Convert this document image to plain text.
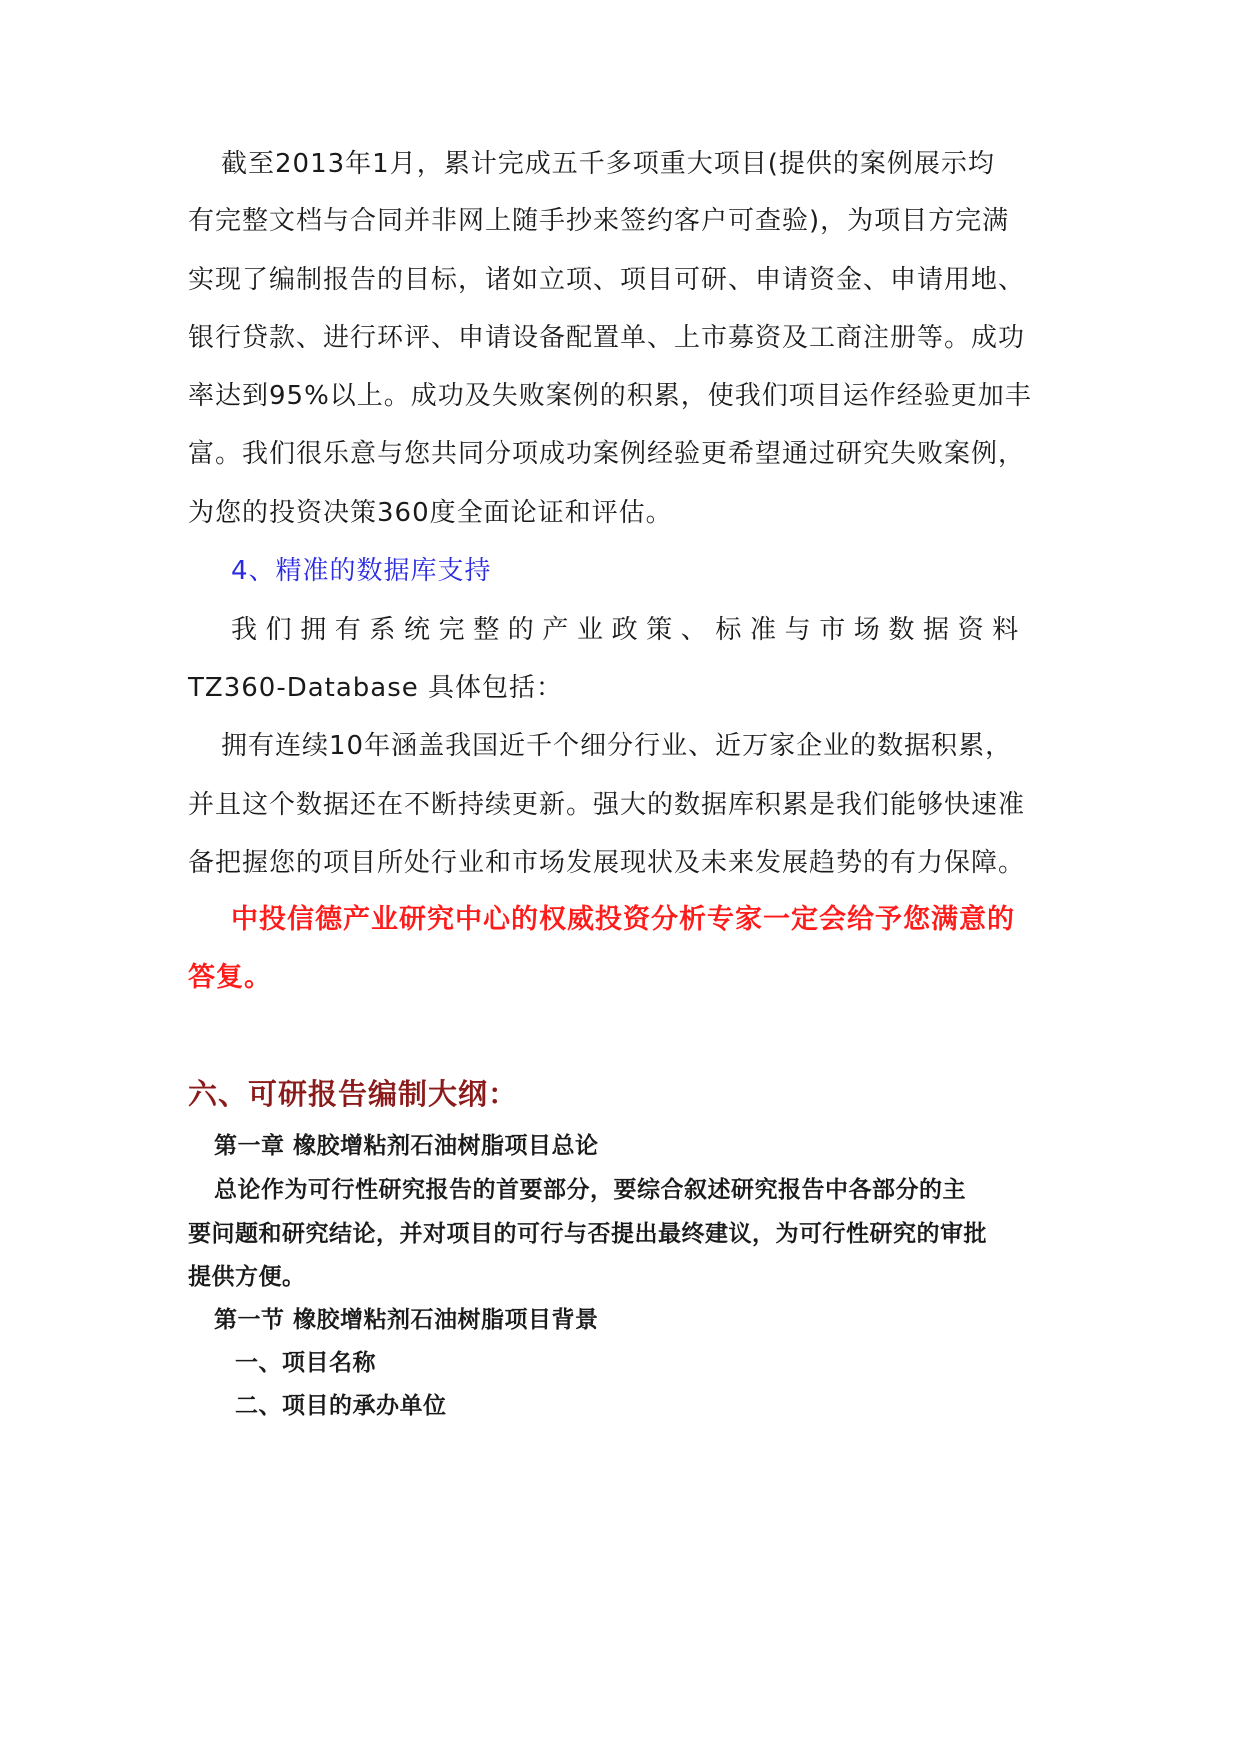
截至2013年1月，累计完成五千多项重大项目(提供的案例展示均
有完整文档与合同并非网上随手抄来签约客户可查验)，为项目方完满
实现了编制报告的目标，诸如立项、项目可研、申请资金、申请用地、
银行贷款、进行环评、申请设备配置单、上市募资及工商注册等。成功
率达到95%以上。成功及失败案例的积累，使我们项目运作经验更加丰
富。我们很乐意与您共同分项成功案例经验更希望通过研究失败案例，
为您的投资决策360度全面论证和评估。
4、精准的数据库支持
我们拥有系统完整的产业政策、标准与市场数据资料
TZ360-Database 具体包括：
拥有连续10年涵盖我国近千个细分行业、近万家企业的数据积累，
并且这个数据还在不断持续更新。强大的数据库积累是我们能够快速准
备把握您的项目所处行业和市场发展现状及未来发展趋势的有力保障。
中投信德产业研究中心的权威投资分析专家一定会给予您满意的
答复。
六、可研报告编制大纲：
第一章 橡胶增粘剂石油树脂项目总论
总论作为可行性研究报告的首要部分，要综合叙述研究报告中各部分的主
要问题和研究结论，并对项目的可行与否提出最终建议，为可行性研究的审批
提供方便。
第一节 橡胶增粘剂石油树脂项目背景
一、项目名称
二、项目的承办单位
